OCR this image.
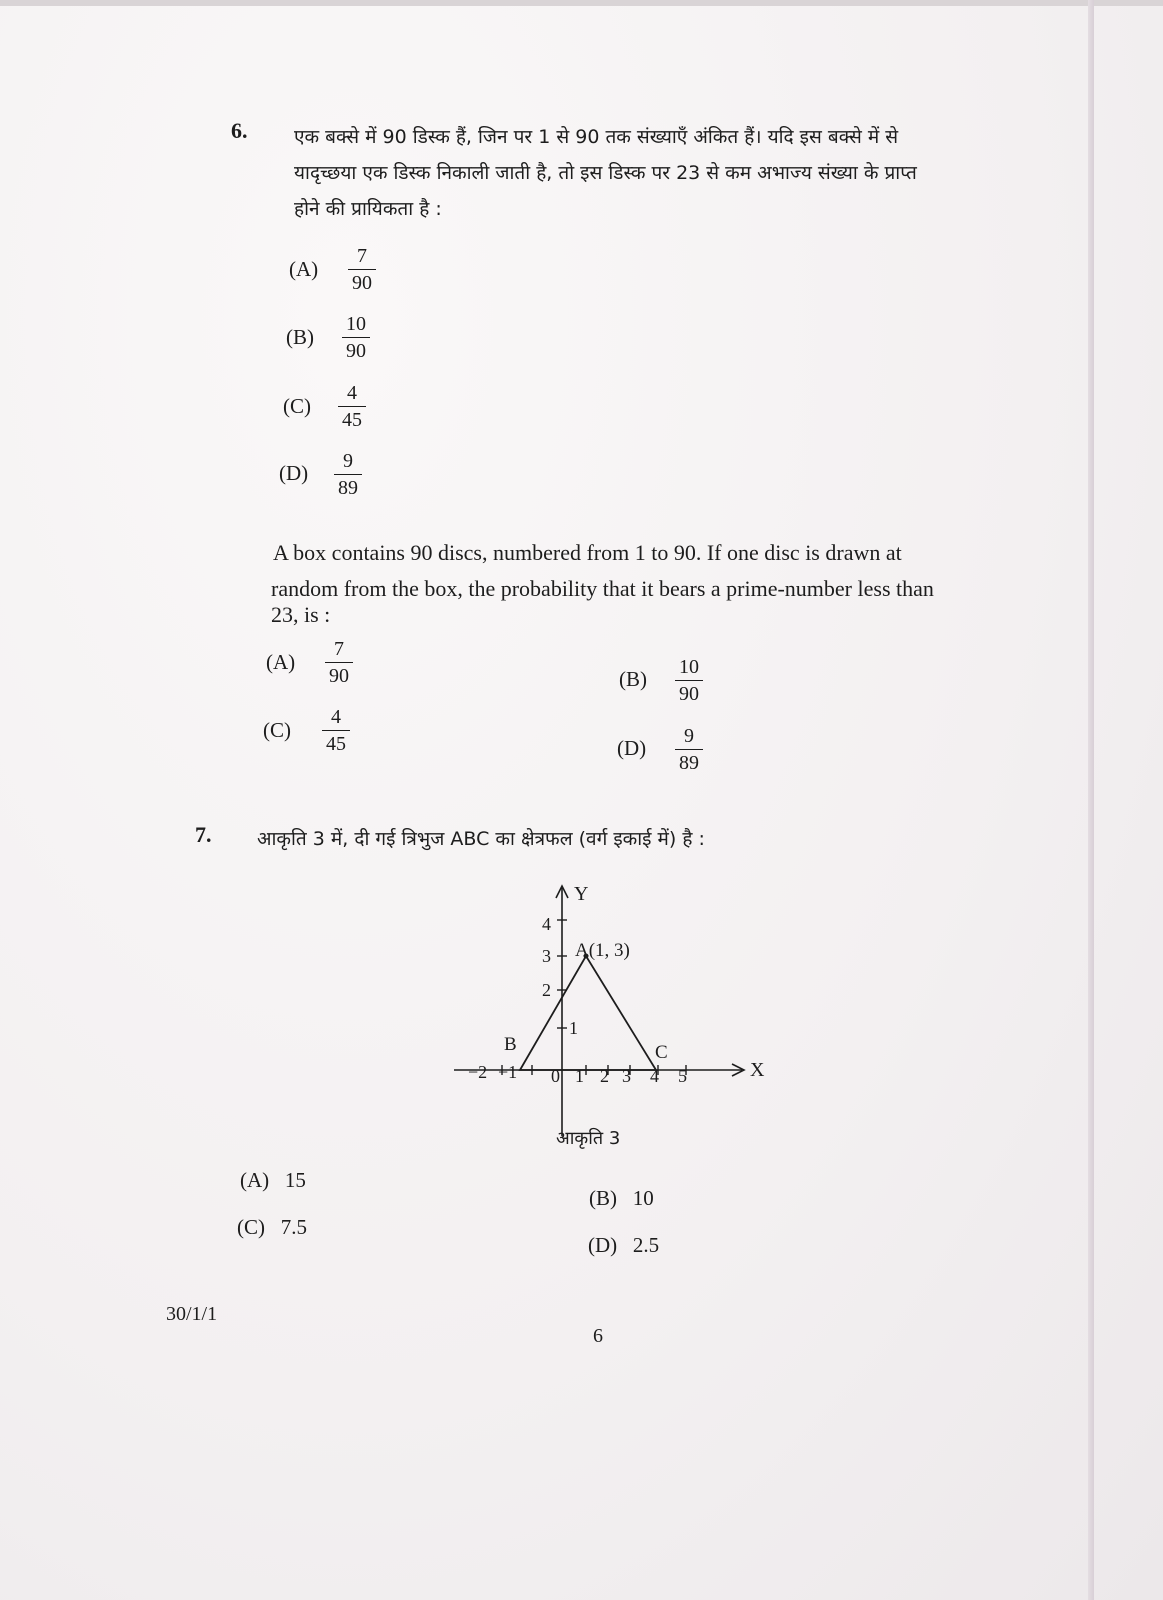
6. एक बक्से में 90 डिस्क हैं, जिन पर 1 से 90 तक संख्याएँ अंकित हैं। यदि इस बक्से में से
यादृच्छया एक डिस्क निकाली जाती है, तो इस डिस्क पर 23 से कम अभाज्य संख्या के प्राप्त
होने की प्रायिकता है :
(A)
7
90
(B)
10
90
(C)
4
45
(D)	9
89
A box contains 90 discs, numbered from 1 to 90. If one disc is drawn at
random from the box, the probability that it bears a prime-number less than
23, is :
(A)
7
90	(B) 10
90
(C)
4
45	(D)	9
89
7. आकृति 3 में, दी गई त्रिभुज ABC का क्षेत्रफल (वर्ग इकाई में) है :
Y
X
A(1, 3)
B	C
1
2
3
4
−2 −1 0 1 2 3 4 5
आकृति 3
(A) 15
(B) 10
(C) 7.5
(D) 2.5
30/1/1
6
